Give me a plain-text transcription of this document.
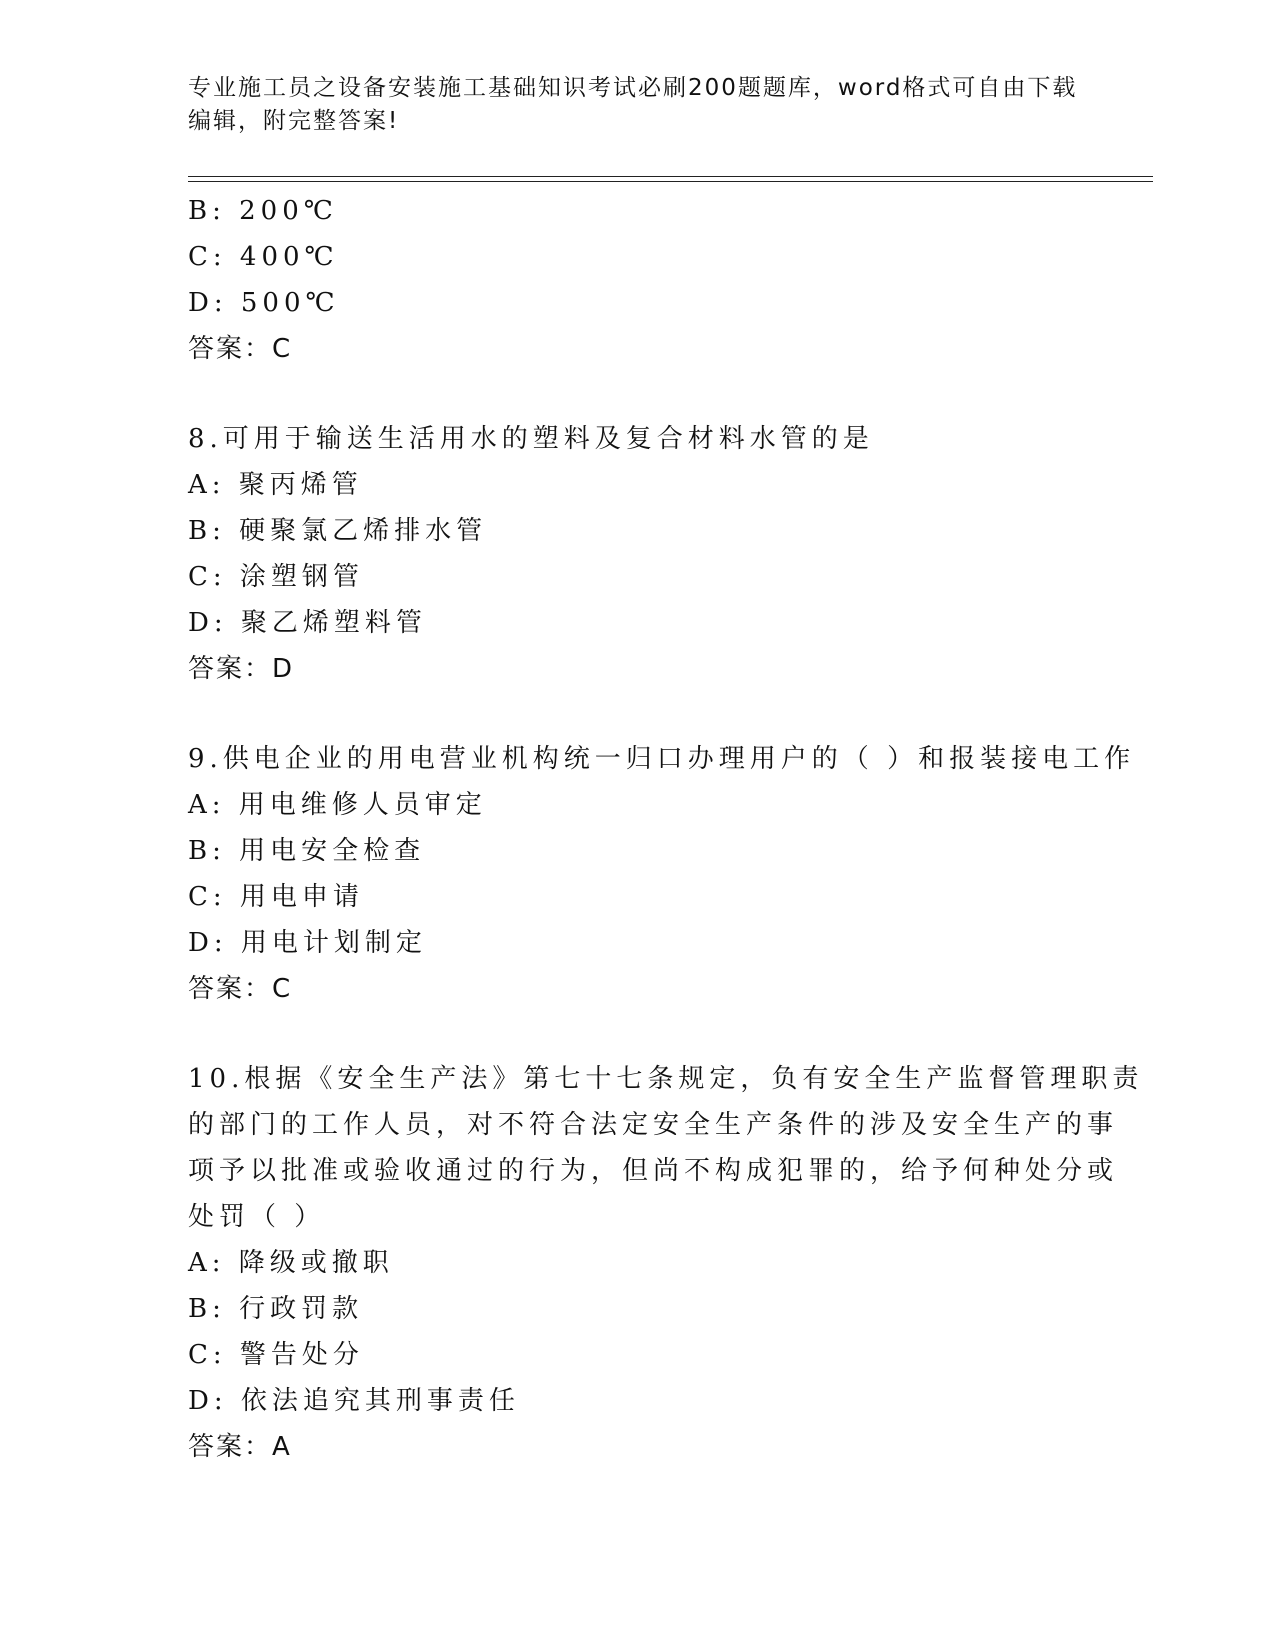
专业施工员之设备安装施工基础知识考试必刷200题题库，word格式可自由下载
编辑，附完整答案!
B: 200℃
C: 400℃
D: 500℃
答案：C
8.可用于输送生活用水的塑料及复合材料水管的是
A: 聚丙烯管
B: 硬聚氯乙烯排水管
C: 涂塑钢管
D: 聚乙烯塑料管
答案：D
9.供电企业的用电营业机构统一归口办理用户的（ ）和报装接电工作
A: 用电维修人员审定
B: 用电安全检查
C: 用电申请
D: 用电计划制定
答案：C
10.根据《安全生产法》第七十七条规定，负有安全生产监督管理职责
的部门的工作人员，对不符合法定安全生产条件的涉及安全生产的事
项予以批准或验收通过的行为，但尚不构成犯罪的，给予何种处分或
处罚（ ）
A: 降级或撤职
B: 行政罚款
C: 警告处分
D: 依法追究其刑事责任
答案：A
